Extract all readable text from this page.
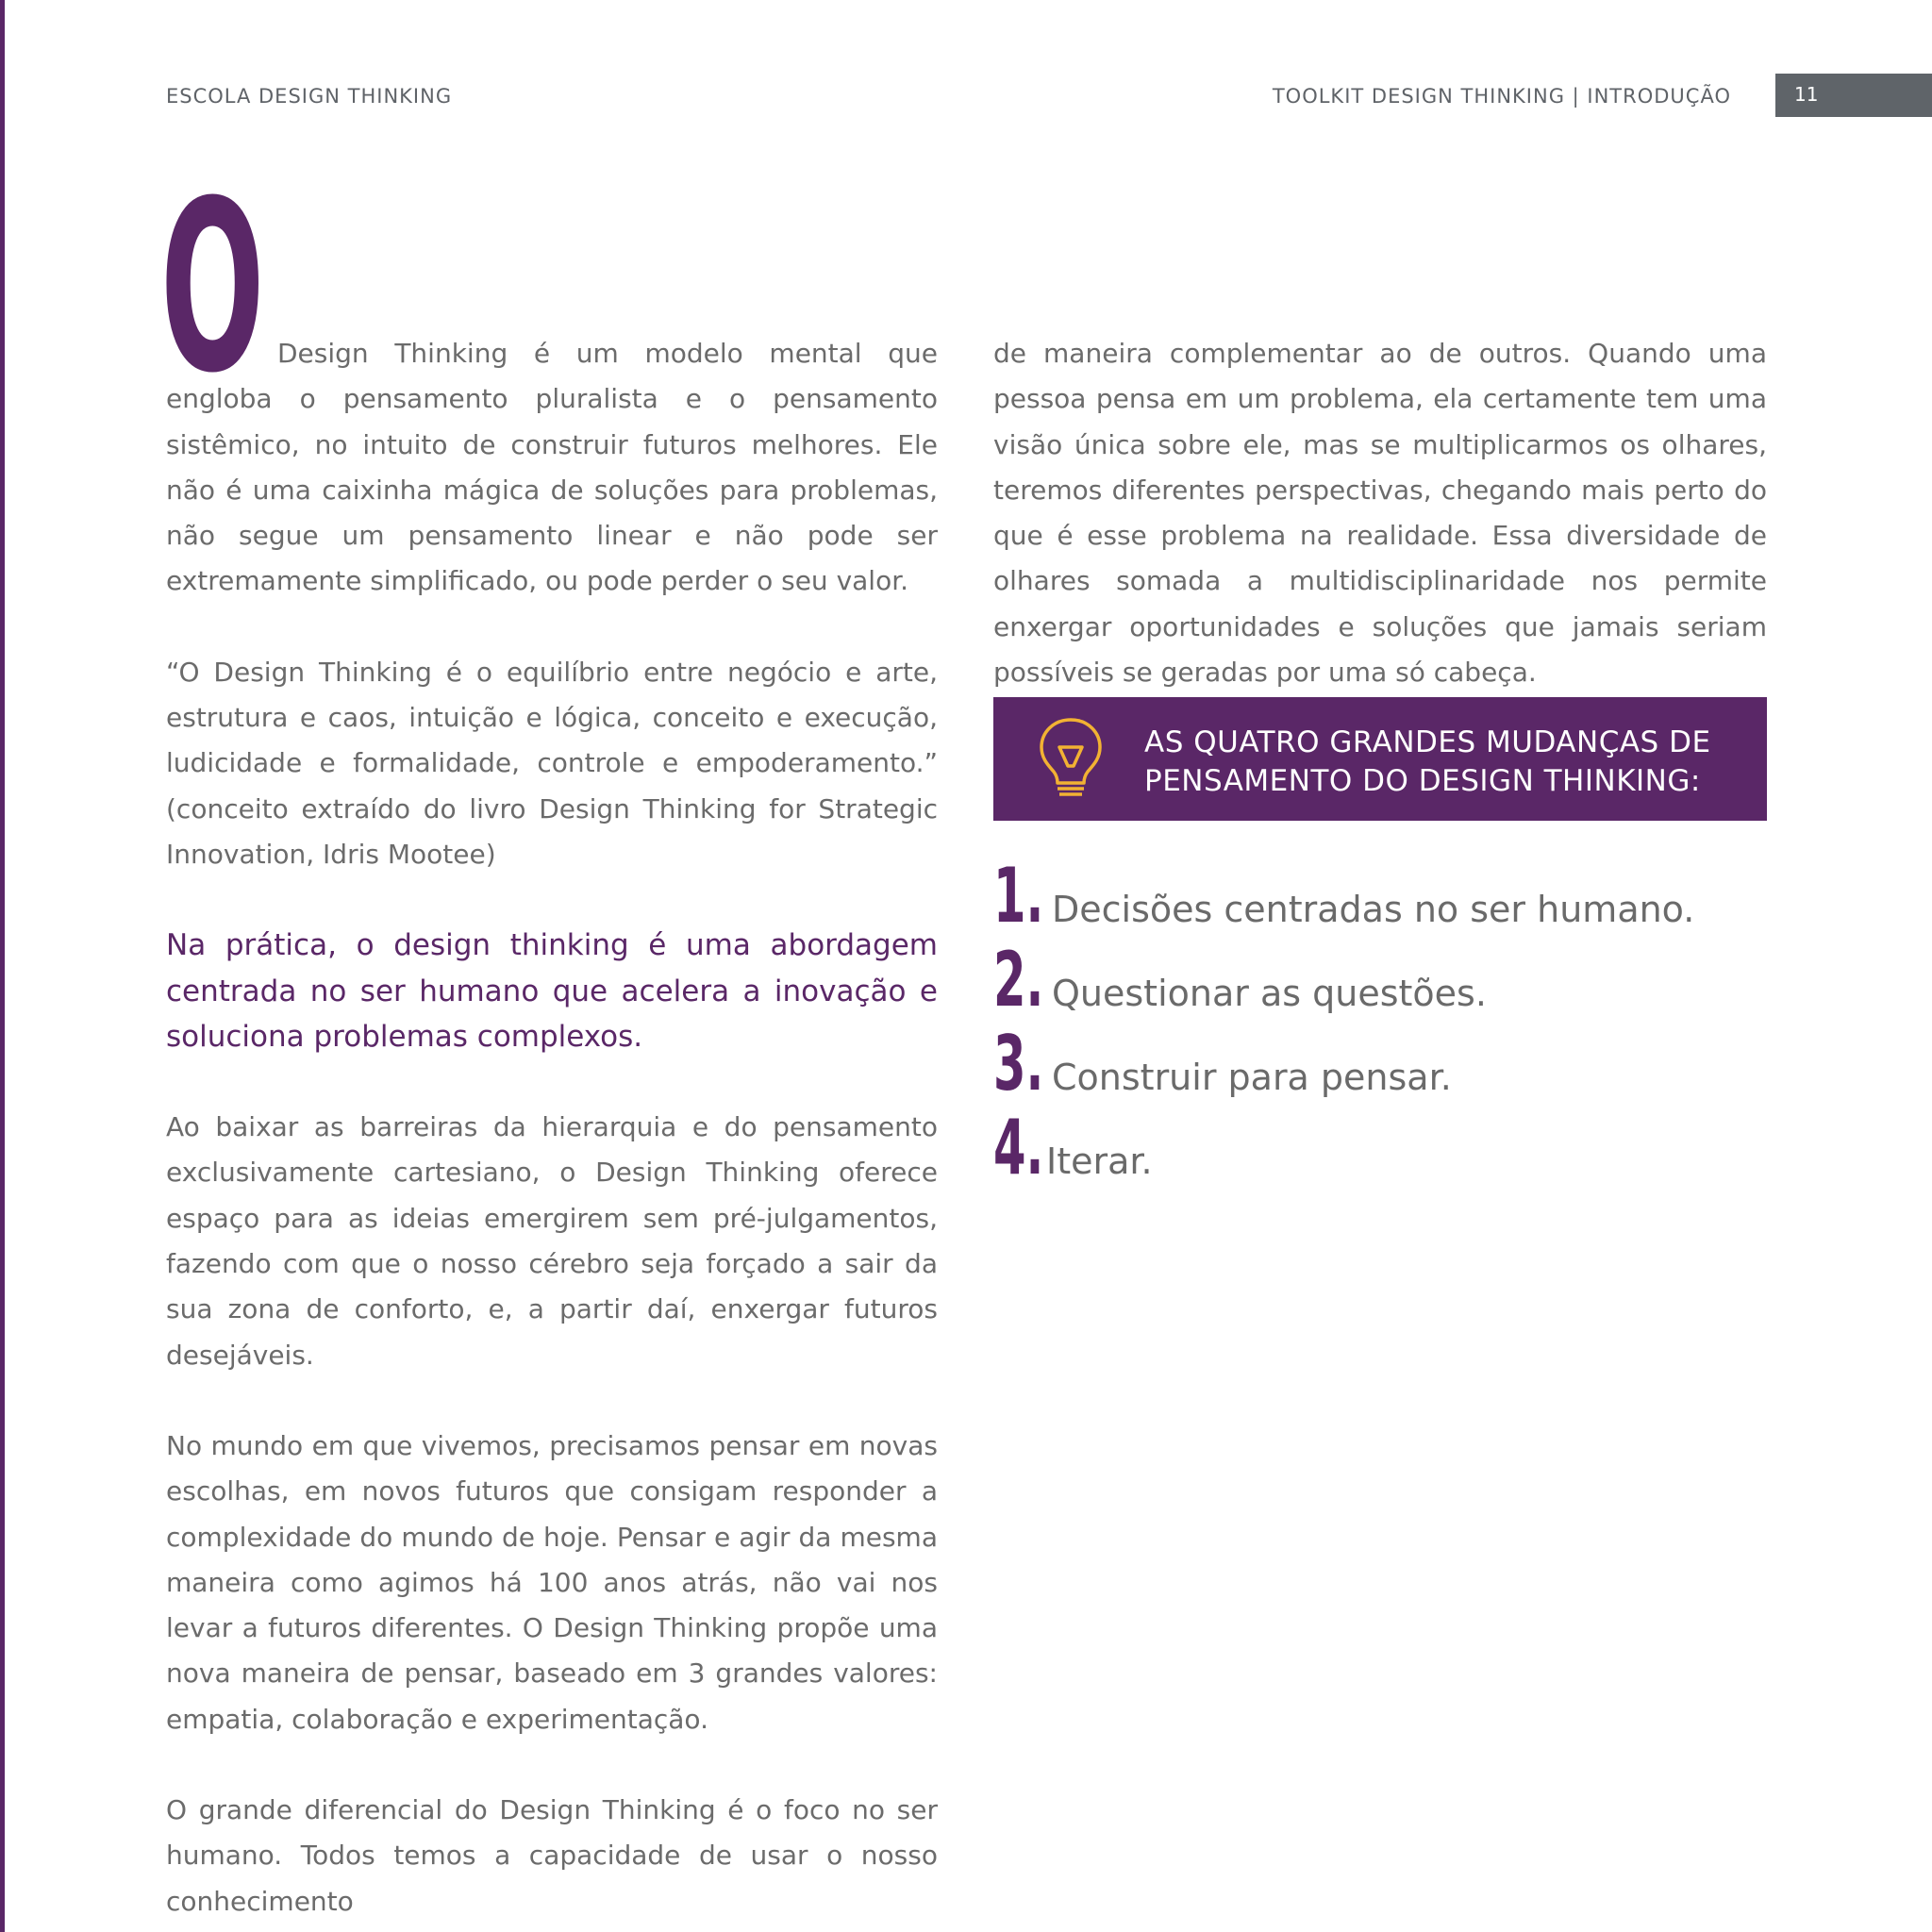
ESCOLA DESIGN THINKING	TOOLKIT DESIGN THINKING | INTRODUÇÃO	11
O Design Thinking é um modelo mental que engloba o pensamento pluralista e o pensamento sistêmico, no intuito de construir futuros melhores. Ele não é uma caixinha mágica de soluções para problemas, não segue um pensamento linear e não pode ser extremamente simplificado, ou pode perder o seu valor.

“O Design Thinking é o equilíbrio entre negócio e arte, estrutura e caos, intuição e lógica, conceito e execução, ludicidade e formalidade, controle e empoderamento.” (conceito extraído do livro Design Thinking for Strategic Innovation, Idris Mootee)

Na prática, o design thinking é uma abordagem centrada no ser humano que acelera a inovação e soluciona problemas complexos.

Ao baixar as barreiras da hierarquia e do pensamento exclusivamente cartesiano, o Design Thinking oferece espaço para as ideias emergirem sem pré-julgamentos, fazendo com que o nosso cérebro seja forçado a sair da sua zona de conforto, e, a partir daí, enxergar futuros desejáveis.

No mundo em que vivemos, precisamos pensar em novas escolhas, em novos futuros que consigam responder a complexidade do mundo de hoje. Pensar e agir da mesma maneira como agimos há 100 anos atrás, não vai nos levar a futuros diferentes. O Design Thinking propõe uma nova maneira de pensar, baseado em 3 grandes valores: empatia, colaboração e experimentação.

O grande diferencial do Design Thinking é o foco no ser humano. Todos temos a capacidade de usar o nosso conhecimento

de maneira complementar ao de outros. Quando uma pessoa pensa em um problema, ela certamente tem uma visão única sobre ele, mas se multiplicarmos os olhares, teremos diferentes perspectivas, chegando mais perto do que é esse problema na realidade. Essa diversidade de olhares somada a multidisciplinaridade nos permite enxergar oportunidades e soluções que jamais seriam possíveis se geradas por uma só cabeça.

AS QUATRO GRANDES MUDANÇAS DE
PENSAMENTO DO DESIGN THINKING:
1. Decisões centradas no ser humano.
2. Questionar as questões.
3. Construir para pensar.
4. Iterar.
